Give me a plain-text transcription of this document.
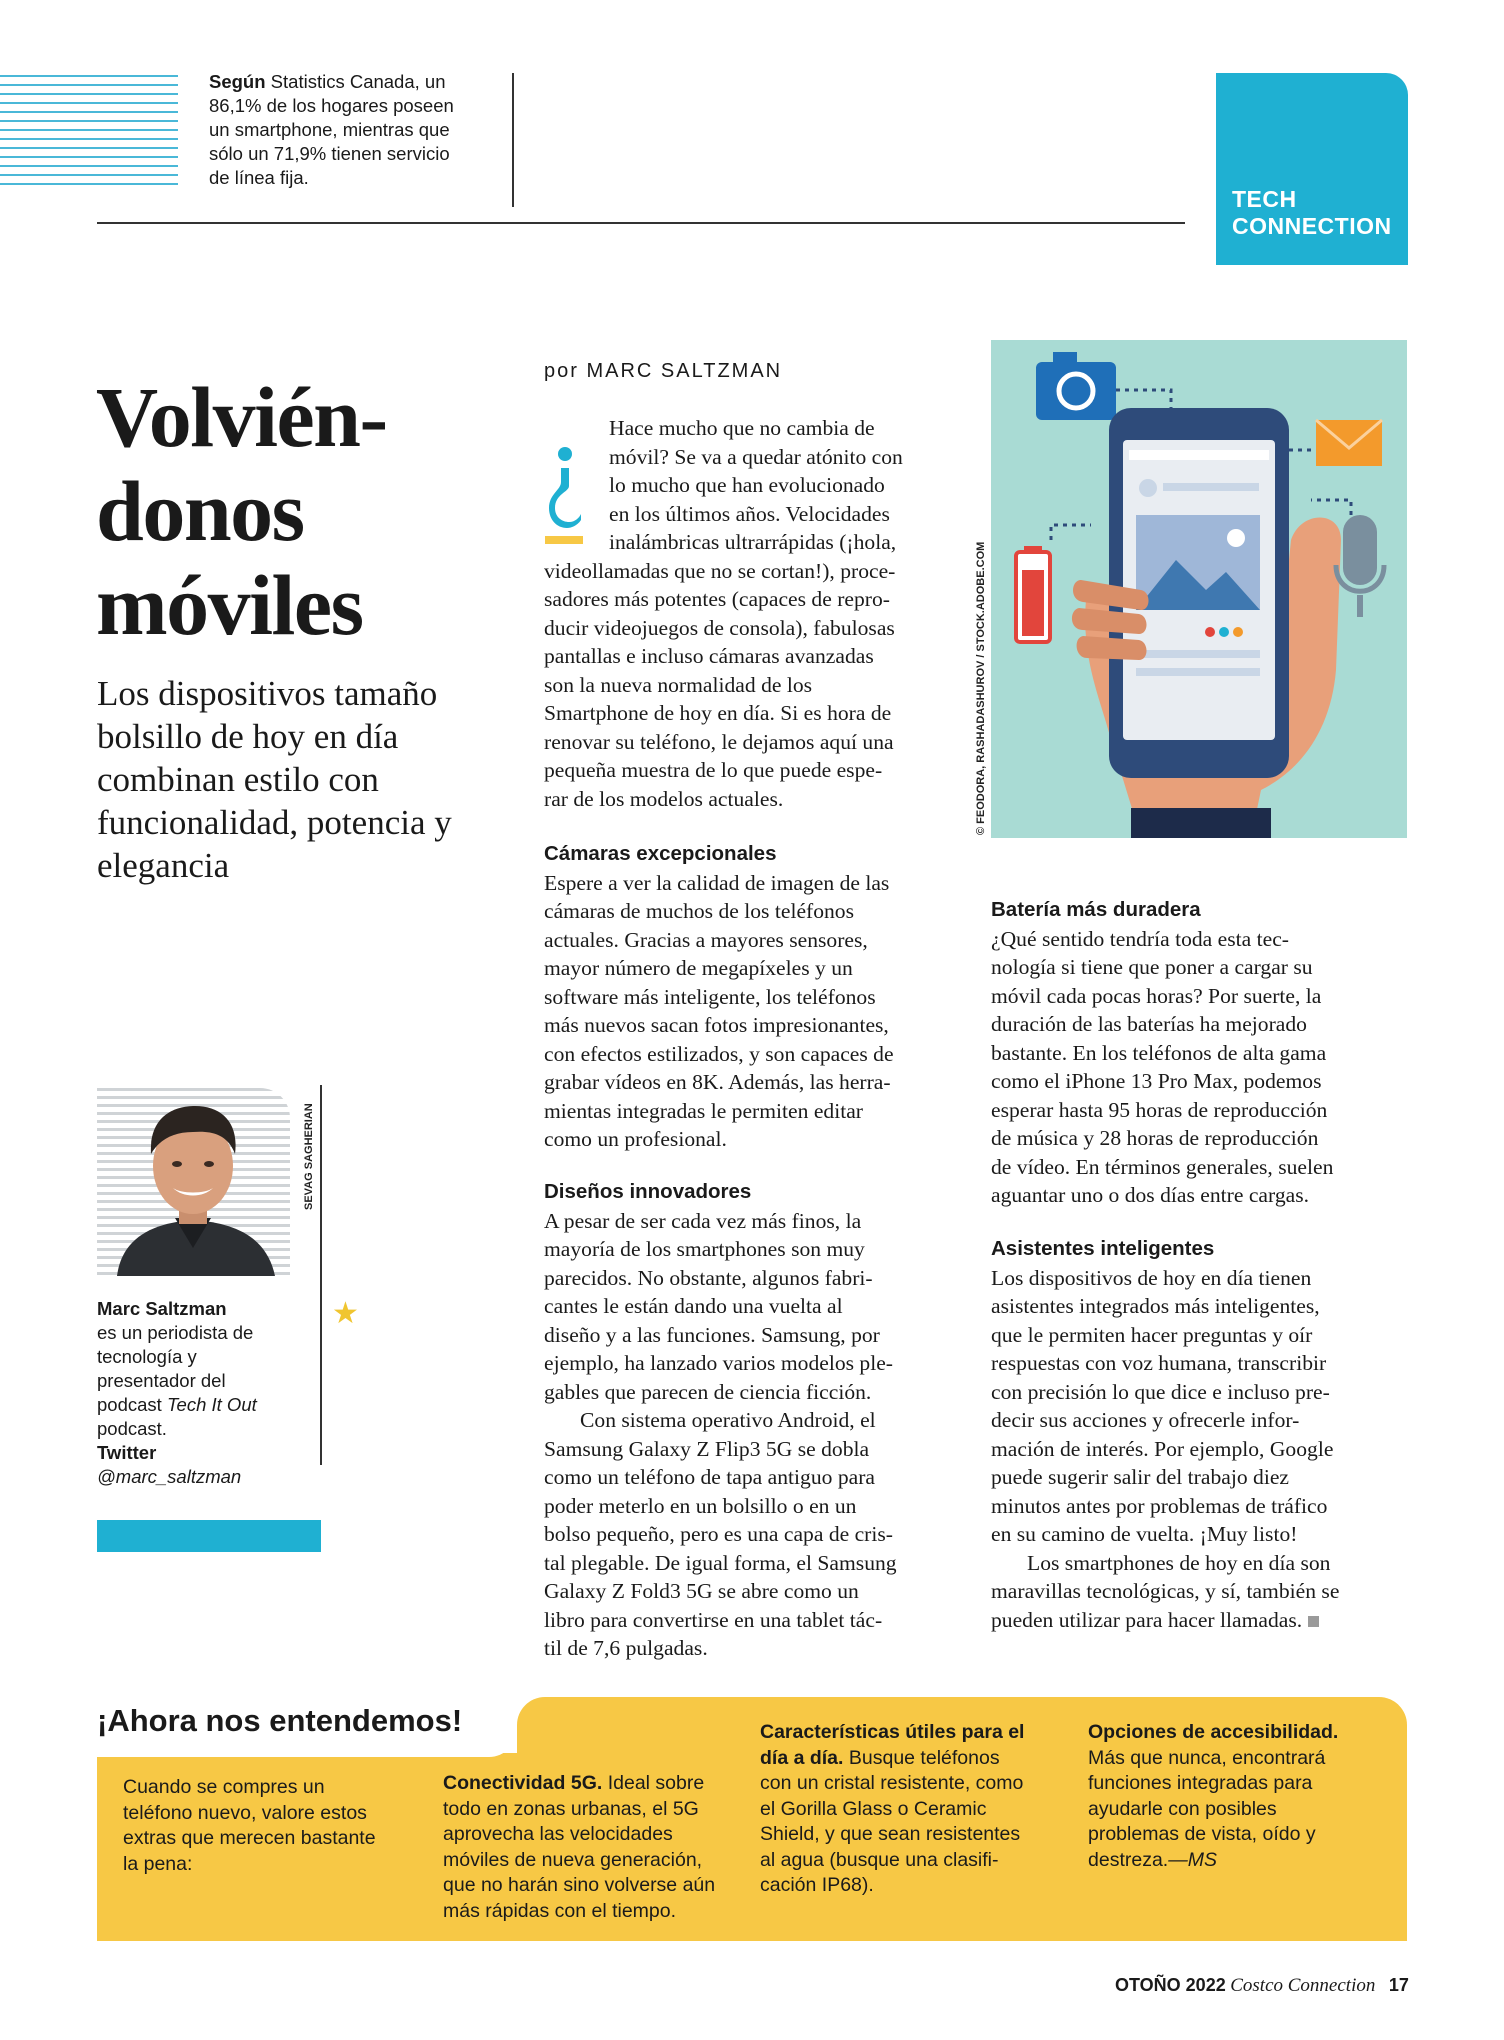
Según Statistics Canada, un
86,1% de los hogares poseen
un smartphone, mientras que
sólo un 71,9% tienen servicio
de línea fija.
TECH
CONNECTION
Volvién-
donos
móviles
Los dispositivos tamaño
bolsillo de hoy en día
combinan estilo con
funcionalidad, potencia y
elegancia
SEVAG SAGHERIAN
★
Marc Saltzman
es un periodista de
tecnología y
presentador del
podcast Tech It Out
podcast.
Twitter
@marc_saltzman
por MARC SALTZMAN
Hace mucho que no cambia de
móvil? Se va a quedar atónito con
lo mucho que han evolucionado
en los últimos años. Velocidades
inalámbricas ultrarrápidas (¡hola,
videollamadas que no se cortan!), proce-
sadores más potentes (capaces de repro-
ducir videojuegos de consola), fabulosas
pantallas e incluso cámaras avanzadas
son la nueva normalidad de los
Smartphone de hoy en día. Si es hora de
renovar su teléfono, le dejamos aquí una
pequeña muestra de lo que puede espe-
rar de los modelos actuales.
Cámaras excepcionales
Espere a ver la calidad de imagen de las
cámaras de muchos de los teléfonos
actuales. Gracias a mayores sensores,
mayor número de megapíxeles y un
software más inteligente, los teléfonos
más nuevos sacan fotos impresionantes,
con efectos estilizados, y son capaces de
grabar vídeos en 8K. Además, las herra-
mientas integradas le permiten editar
como un profesional.
Diseños innovadores
A pesar de ser cada vez más finos, la
mayoría de los smartphones son muy
parecidos. No obstante, algunos fabri-
cantes le están dando una vuelta al
diseño y a las funciones. Samsung, por
ejemplo, ha lanzado varios modelos ple-
gables que parecen de ciencia ficción.
Con sistema operativo Android, el
Samsung Galaxy Z Flip3 5G se dobla
como un teléfono de tapa antiguo para
poder meterlo en un bolsillo o en un
bolso pequeño, pero es una capa de cris-
tal plegable. De igual forma, el Samsung
Galaxy Z Fold3 5G se abre como un
libro para convertirse en una tablet tác-
til de 7,6 pulgadas.
© FEODORA, RASHADASHUROV / STOCK.ADOBE.COM
Batería más duradera
¿Qué sentido tendría toda esta tec-
nología si tiene que poner a cargar su
móvil cada pocas horas? Por suerte, la
duración de las baterías ha mejorado
bastante. En los teléfonos de alta gama
como el iPhone 13 Pro Max, podemos
esperar hasta 95 horas de reproducción
de música y 28 horas de reproducción
de vídeo. En términos generales, suelen
aguantar uno o dos días entre cargas.
Asistentes inteligentes
Los dispositivos de hoy en día tienen
asistentes integrados más inteligentes,
que le permiten hacer preguntas y oír
respuestas con voz humana, transcribir
con precisión lo que dice e incluso pre-
decir sus acciones y ofrecerle infor-
mación de interés. Por ejemplo, Google
puede sugerir salir del trabajo diez
minutos antes por problemas de tráfico
en su camino de vuelta. ¡Muy listo!
Los smartphones de hoy en día son
maravillas tecnológicas, y sí, también se
pueden utilizar para hacer llamadas.
¡Ahora nos entendemos!
Cuando se compres un
teléfono nuevo, valore estos
extras que merecen bastante
la pena:
Conectividad 5G. Ideal sobre
todo en zonas urbanas, el 5G
aprovecha las velocidades
móviles de nueva generación,
que no harán sino volverse aún
más rápidas con el tiempo.
Características útiles para el
día a día. Busque teléfonos
con un cristal resistente, como
el Gorilla Glass o Ceramic
Shield, y que sean resistentes
al agua (busque una clasifi-
cación IP68).
Opciones de accesibilidad.
Más que nunca, encontrará
funciones integradas para
ayudarle con posibles
problemas de vista, oído y
destreza.—MS
OTOÑO 2022 Costco Connection 17
